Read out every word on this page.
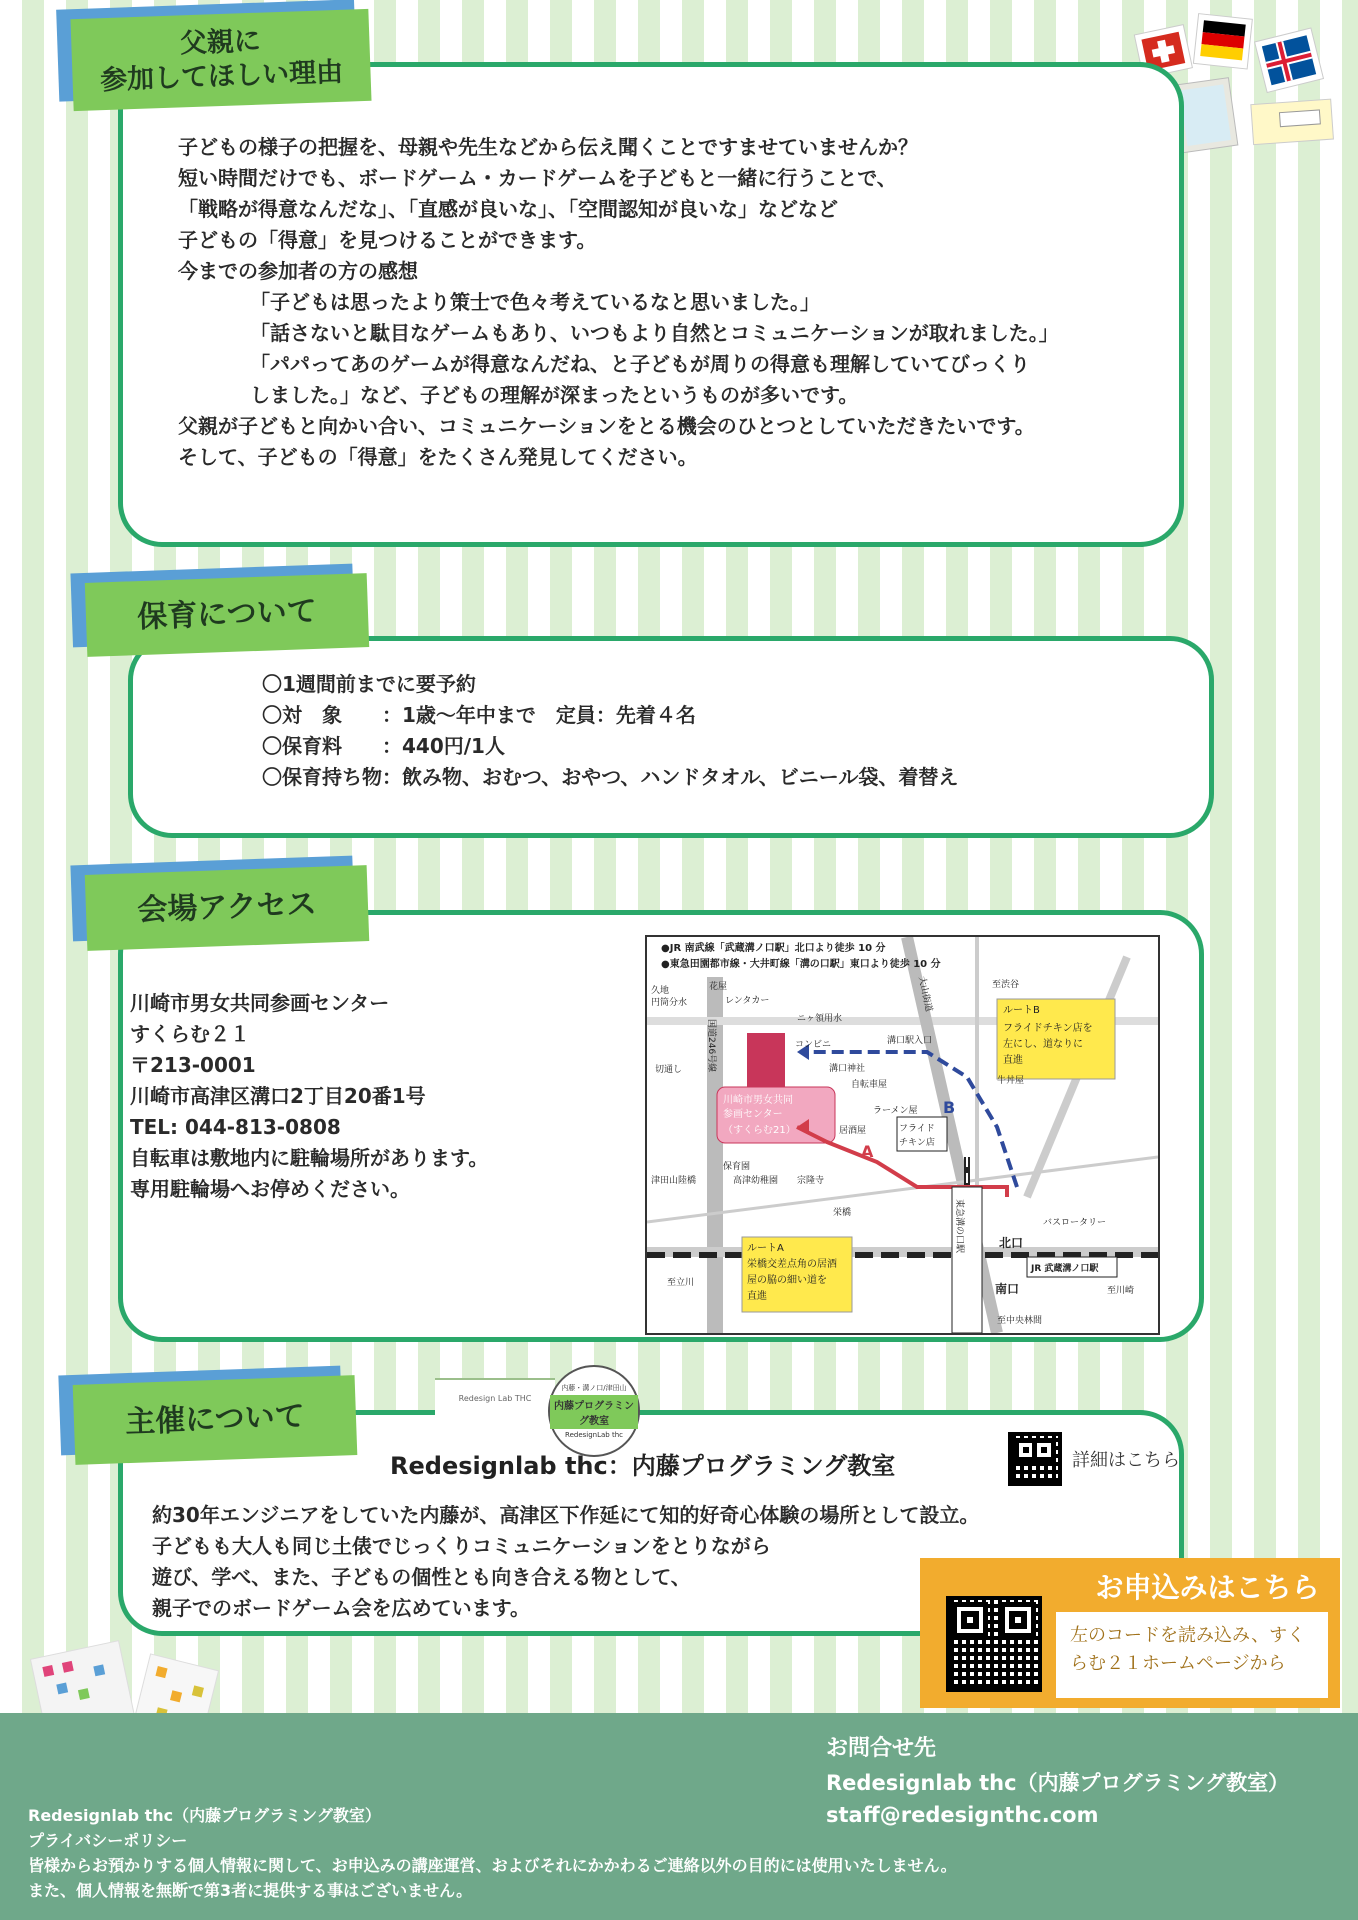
父親に
参加してほしい理由
子どもの様子の把握を、母親や先生などから伝え聞くことですませていませんか？
短い時間だけでも、ボードゲーム・カードゲームを子どもと一緒に行うことで、
「戦略が得意なんだな」、「直感が良いな」、「空間認知が良いな」などなど
子どもの「得意」を見つけることができます。
今までの参加者の方の感想
「子どもは思ったより策士で色々考えているなと思いました。」
「話さないと駄目なゲームもあり、いつもより自然とコミュニケーションが取れました。」
「パパってあのゲームが得意なんだね、と子どもが周りの得意も理解していてびっくり
しました。」など、子どもの理解が深まったというものが多いです。
父親が子どもと向かい合い、コミュニケーションをとる機会のひとつとしていただきたいです。
そして、子どもの「得意」をたくさん発見してください。
保育について
〇1週間前までに要予約
〇対　象　　：1歳～年中まで　定員：先着４名
〇保育料　　：440円/1人
〇保育持ち物：飲み物、おむつ、おやつ、ハンドタオル、ビニール袋、着替え
会場アクセス
川崎市男女共同参画センター
すくらむ２１
〒213-0001
川崎市高津区溝口2丁目20番1号
TEL: 044-813-0808
自転車は敷地内に駐輪場所があります。
専用駐輪場へお停めください。
●JR 南武線「武蔵溝ノ口駅」北口より徒歩 10 分
●東急田園都市線・大井町線「溝の口駅」東口より徒歩 10 分
久地
円筒分水
花屋
レンタカー
ニヶ領用水
国道246号線
大山街道	至渋谷
切通し
コンビニ	溝口駅入口
溝口神社
自転車屋
保育園
高津幼稚園 宗隆寺
居酒屋
ラーメン屋
津田山陸橋
栄橋
フライド
チキン店
牛丼屋
バスロータリー
北口
南口
JR 武蔵溝ノ口駅
東急溝の口駅
至立川
至川崎
至中央林間
川崎市男女共同
参画センター
（すくらむ21）
A
B
ルートB
フライドチキン店を
左にし、道なりに
直進
ルートA
栄橋交差点角の居酒
屋の脇の細い道を
直進
主催について
Redesign Lab THC
内藤・溝ノ口/津田山
内藤プログラミング教室
RedesignLab thc
Redesignlab thc：内藤プログラミング教室	詳細はこちら
約30年エンジニアをしていた内藤が、高津区下作延にて知的好奇心体験の場所として設立。
子どもも大人も同じ土俵でじっくりコミュニケーションをとりながら
遊び、学べ、また、子どもの個性とも向き合える物として、
親子でのボードゲーム会を広めています。
お申込みはこちら
左のコードを読み込み、すく
らむ２１ホームページから
お問合せ先
Redesignlab thc（内藤プログラミング教室）
staff@redesignthc.com
Redesignlab thc（内藤プログラミング教室）
プライバシーポリシー
皆様からお預かりする個人情報に関して、お申込みの講座運営、およびそれにかかわるご連絡以外の目的には使用いたしません。
また、個人情報を無断で第3者に提供する事はございません。
